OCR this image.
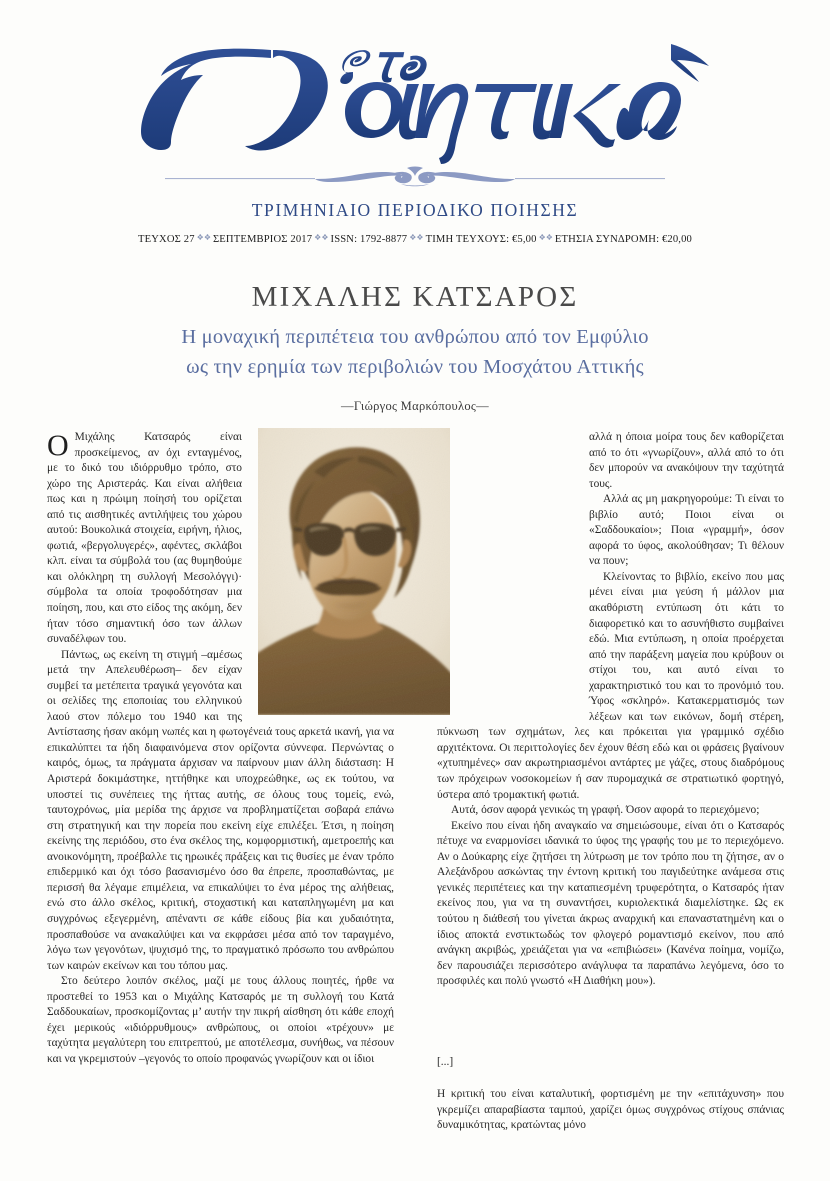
ΤΡΙΜΗΝΙΑΙΟ ΠΕΡΙΟΔΙΚΟ ΠΟΙΗΣΗΣ
ΤΕΥΧΟΣ 27 ❖❖ ΣΕΠΤΕΜΒΡΙΟΣ 2017 ❖❖ ISSN: 1792-8877 ❖❖ ΤΙΜΗ ΤΕΥΧΟΥΣ: €5,00 ❖❖ ΕΤΗΣΙΑ ΣΥΝΔΡΟΜΗ: €20,00
ΜΙΧΑΛΗΣ ΚΑΤΣΑΡΟΣ
Η μοναχική περιπέτεια του ανθρώπου από τον Εμφύλιο
ως την ερημία των περιβολιών του Μοσχάτου Αττικής
—Γιώργος Μαρκόπουλος—

Ο Μιχάλης Κατσαρός είναι προσκείμενος, αν όχι ενταγμένος, με το δικό του ιδιόρρυθμο τρόπο, στο χώρο της Αριστεράς. Και είναι αλήθεια πως και η πρώιμη ποίησή του ορίζεται από τις αισθητικές αντιλήψεις του χώρου αυτού: Βουκολικά στοιχεία, ειρήνη, ήλιος, φωτιά, «βεργολυγερές», αφέντες, σκλάβοι κλπ. είναι τα σύμβολά του (ας θυμηθούμε και ολόκληρη τη συλλογή Μεσολόγγι)· σύμβολα τα οποία τροφοδότησαν μια ποίηση, που, και στο είδος της ακόμη, δεν ήταν τόσο σημαντική όσο των άλλων συναδέλφων του.

Πάντως, ως εκείνη τη στιγμή –αμέσως μετά την Απελευθέρωση– δεν είχαν συμβεί τα μετέπειτα τραγικά γεγονότα και οι σελίδες της εποποιίας του ελληνικού λαού στον πόλεμο του 1940 και της Αντίστασης ήσαν ακόμη νωπές και η φωτογένειά τους αρκετά ικανή, για να επικαλύπτει τα ήδη διαφαινόμενα στον ορίζοντα σύννεφα. Περνώντας ο καιρός, όμως, τα πράγματα άρχισαν να παίρνουν μιαν άλλη διάσταση: Η Αριστερά δοκιμάστηκε, ηττήθηκε και υποχρεώθηκε, ως εκ τούτου, να υποστεί τις συνέπειες της ήττας αυτής, σε όλους τους τομείς, ενώ, ταυτοχρόνως, μία μερίδα της άρχισε να προβληματίζεται σοβαρά επάνω στη στρατηγική και την πορεία που εκείνη είχε επιλέξει. Έτσι, η ποίηση εκείνης της περιόδου, στο ένα σκέλος της, κομφορμιστική, αμετροεπής και ανοικονόμητη, προέβαλλε τις ηρωικές πράξεις και τις θυσίες με έναν τρόπο επιδερμικό και όχι τόσο βασανισμένο όσο θα έπρεπε, προσπαθώντας, με περισσή θα λέγαμε επιμέλεια, να επικαλύψει το ένα μέρος της αλήθειας, ενώ στο άλλο σκέλος, κριτική, στοχαστική και καταπληγωμένη μα και συγχρόνως εξεγερμένη, απέναντι σε κάθε είδους βία και χυδαιότητα, προσπαθούσε να ανακαλύψει και να εκφράσει μέσα από τον ταραγμένο, λόγω των γεγονότων, ψυχισμό της, το πραγματικό πρόσωπο του ανθρώπου των καιρών εκείνων και του τόπου μας.

Στο δεύτερο λοιπόν σκέλος, μαζί με τους άλλους ποιητές, ήρθε να προστεθεί το 1953 και ο Μιχάλης Κατσαρός με τη συλλογή του Κατά Σαδδουκαίων, προσκομίζοντας μ’ αυτήν την πικρή αίσθηση ότι κάθε εποχή έχει μερικούς «ιδιόρρυθμους» ανθρώπους, οι οποίοι «τρέχουν» με ταχύτητα μεγαλύτερη του επιτρεπτού, με αποτέλεσμα, συνήθως, να πέσουν και να γκρεμιστούν –γεγονός το οποίο προφανώς γνωρίζουν και οι ίδιοι

αλλά η όποια μοίρα τους δεν καθορίζεται από το ότι «γνωρίζουν», αλλά από το ότι δεν μπορούν να ανακόψουν την ταχύτητά τους.

Αλλά ας μη μακρηγορούμε: Τι είναι το βιβλίο αυτό; Ποιοι είναι οι «Σαδδουκαίοι»; Ποια «γραμμή», όσον αφορά το ύφος, ακολούθησαν; Τι θέλουν να πουν;

Κλείνοντας το βιβλίο, εκείνο που μας μένει είναι μια γεύση ή μάλλον μια ακαθόριστη εντύπωση ότι κάτι το διαφορετικό και το ασυνήθιστο συμβαίνει εδώ. Μια εντύπωση, η οποία προέρχεται από την παράξενη μαγεία που κρύβουν οι στίχοι του, και αυτό είναι το χαρακτηριστικό του και το προνόμιό του. Ύφος «σκληρό». Κατακερματισμός των λέξεων και των εικόνων, δομή στέρεη, πύκνωση των σχημάτων, λες και πρόκειται για γραμμικό σχέδιο αρχιτέκτονα. Οι περιττολογίες δεν έχουν θέση εδώ και οι φράσεις βγαίνουν «χτυπημένες» σαν ακρωτηριασμένοι αντάρτες με γάζες, στους διαδρόμους των πρόχειρων νοσοκομείων ή σαν πυρομαχικά σε στρατιωτικό φορτηγό, ύστερα από τρομακτική φωτιά.

Αυτά, όσον αφορά γενικώς τη γραφή. Όσον αφορά το περιεχόμενο;

Εκείνο που είναι ήδη αναγκαίο να σημειώσουμε, είναι ότι ο Κατσαρός πέτυχε να εναρμονίσει ιδανικά το ύφος της γραφής του με το περιεχόμενο. Αν ο Δούκαρης είχε ζητήσει τη λύτρωση με τον τρόπο που τη ζήτησε, αν ο Αλεξάνδρου ασκώντας την έντονη κριτική του παγιδεύτηκε ανάμεσα στις γενικές περιπέτειες και την καταπιεσμένη τρυφερότητα, ο Κατσαρός ήταν εκείνος που, για να τη συναντήσει, κυριολεκτικά διαμελίστηκε. Ως εκ τούτου η διάθεσή του γίνεται άκρως αναρχική και επαναστατημένη και ο ίδιος αποκτά ενστικτωδώς τον φλογερό ρομαντισμό εκείνον, που από ανάγκη ακριβώς, χρειάζεται για να «επιβιώσει» (Κανένα ποίημα, νομίζω, δεν παρουσιάζει περισσότερο ανάγλυφα τα παραπάνω λεγόμενα, όσο το προσφιλές και πολύ γνωστό «Η Διαθήκη μου»).

[...]

Η κριτική του είναι καταλυτική, φορτισμένη με την «επιτάχυνση» που γκρεμίζει απαραβίαστα ταμπού, χαρίζει όμως συγχρόνως στίχους σπάνιας δυναμικότητας, κρατώντας μόνο
